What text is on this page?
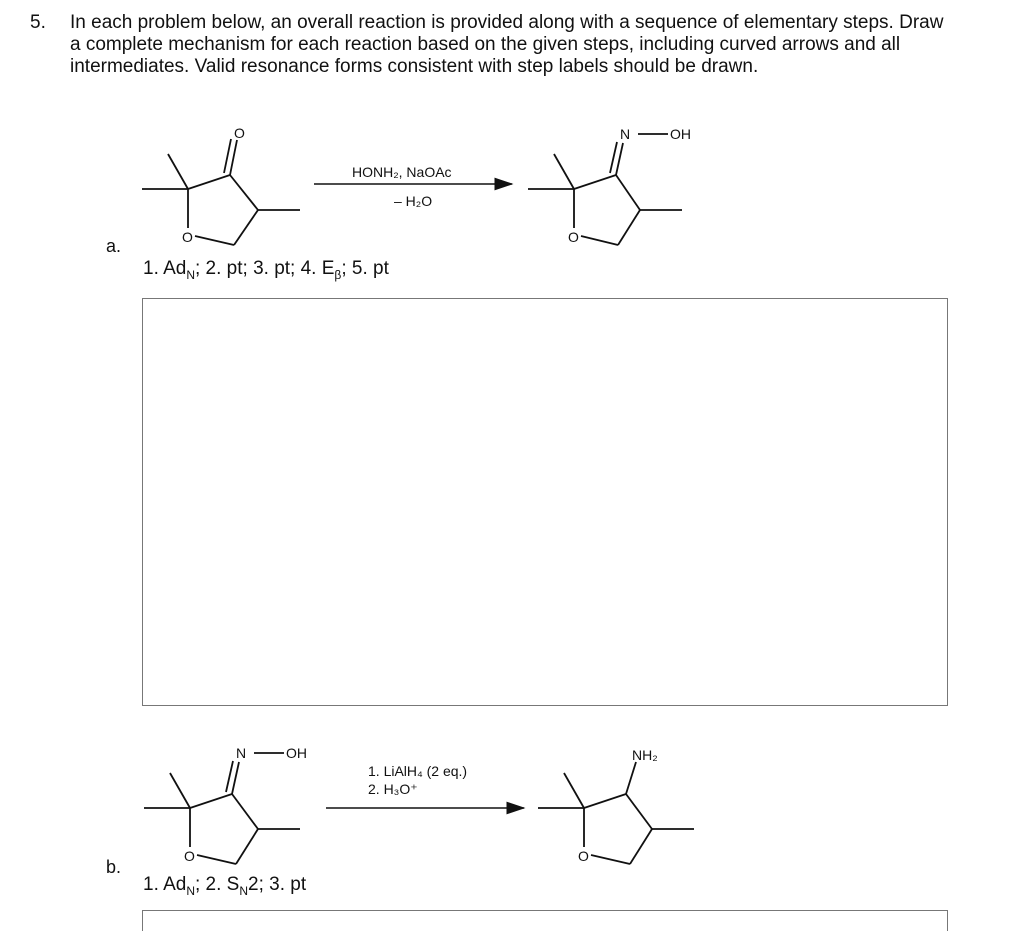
5. In each problem below, an overall reaction is provided along with a sequence of elementary steps. Draw a complete mechanism for each reaction based on the given steps, including curved arrows and all intermediates. Valid resonance forms consistent with step labels should be drawn.
a.
1. $Ad_N$; 2. pt; 3. pt; 4. $E_\beta$; 5. pt
b.
1. $Ad_N$; 2. $S_N2$; 3. pt
O
O
HONH₂, NaOAc
– H₂O
N	OH
O
N	OH
O
1. LiAlH₄ (2 eq.)
2. H₃O⁺
NH₂
O
